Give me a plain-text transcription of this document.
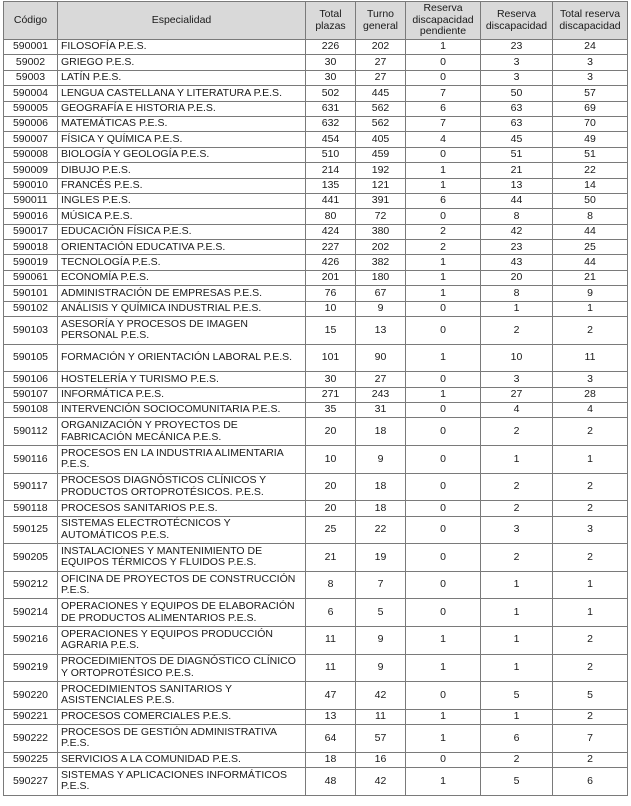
Código	Especialidad	Total plazas	Turno general	Reserva discapacidad pendiente	Reserva discapacidad	Total reserva discapacidad
590001	FILOSOFÍA P.E.S.	226	202	1	23	24
59002	GRIEGO P.E.S.	30	27	0	3	3
59003	LATÍN P.E.S.	30	27	0	3	3
590004	LENGUA CASTELLANA Y LITERATURA P.E.S.	502	445	7	50	57
590005	GEOGRAFÍA E HISTORIA P.E.S.	631	562	6	63	69
590006	MATEMÁTICAS P.E.S.	632	562	7	63	70
590007	FÍSICA Y QUÍMICA P.E.S.	454	405	4	45	49
590008	BIOLOGÍA Y GEOLOGÍA P.E.S.	510	459	0	51	51
590009	DIBUJO P.E.S.	214	192	1	21	22
590010	FRANCÉS P.E.S.	135	121	1	13	14
590011	INGLES P.E.S.	441	391	6	44	50
590016	MÚSICA P.E.S.	80	72	0	8	8
590017	EDUCACIÓN FÍSICA P.E.S.	424	380	2	42	44
590018	ORIENTACIÓN EDUCATIVA P.E.S.	227	202	2	23	25
590019	TECNOLOGÍA P.E.S.	426	382	1	43	44
590061	ECONOMÍA P.E.S.	201	180	1	20	21
590101	ADMINISTRACIÓN DE EMPRESAS P.E.S.	76	67	1	8	9
590102	ANÁLISIS Y QUÍMICA INDUSTRIAL P.E.S.	10	9	0	1	1
590103	ASESORÍA Y PROCESOS DE IMAGEN PERSONAL P.E.S.	15	13	0	2	2
590105	FORMACIÓN Y ORIENTACIÓN LABORAL P.E.S.	101	90	1	10	11
590106	HOSTELERÍA Y TURISMO P.E.S.	30	27	0	3	3
590107	INFORMÁTICA P.E.S.	271	243	1	27	28
590108	INTERVENCIÓN SOCIOCOMUNITARIA P.E.S.	35	31	0	4	4
590112	ORGANIZACIÓN Y PROYECTOS DE FABRICACIÓN MECÁNICA P.E.S.	20	18	0	2	2
590116	PROCESOS EN LA INDUSTRIA ALIMENTARIA P.E.S.	10	9	0	1	1
590117	PROCESOS DIAGNÓSTICOS CLÍNICOS Y PRODUCTOS ORTOPROTÉSICOS. P.E.S.	20	18	0	2	2
590118	PROCESOS SANITARIOS P.E.S.	20	18	0	2	2
590125	SISTEMAS ELECTROTÉCNICOS Y AUTOMÁTICOS P.E.S.	25	22	0	3	3
590205	INSTALACIONES Y MANTENIMIENTO DE EQUIPOS TÉRMICOS Y FLUIDOS P.E.S.	21	19	0	2	2
590212	OFICINA DE PROYECTOS DE CONSTRUCCIÓN P.E.S.	8	7	0	1	1
590214	OPERACIONES Y EQUIPOS DE ELABORACIÓN DE PRODUCTOS ALIMENTARIOS P.E.S.	6	5	0	1	1
590216	OPERACIONES Y EQUIPOS PRODUCCIÓN AGRARIA P.E.S.	11	9	1	1	2
590219	PROCEDIMIENTOS DE DIAGNÓSTICO CLÍNICO Y ORTOPROTÉSICO P.E.S.	11	9	1	1	2
590220	PROCEDIMIENTOS SANITARIOS Y ASISTENCIALES P.E.S.	47	42	0	5	5
590221	PROCESOS COMERCIALES P.E.S.	13	11	1	1	2
590222	PROCESOS DE GESTIÓN ADMINISTRATIVA P.E.S.	64	57	1	6	7
590225	SERVICIOS A LA COMUNIDAD P.E.S.	18	16	0	2	2
590227	SISTEMAS Y APLICACIONES INFORMÁTICOS P.E.S.	48	42	1	5	6
